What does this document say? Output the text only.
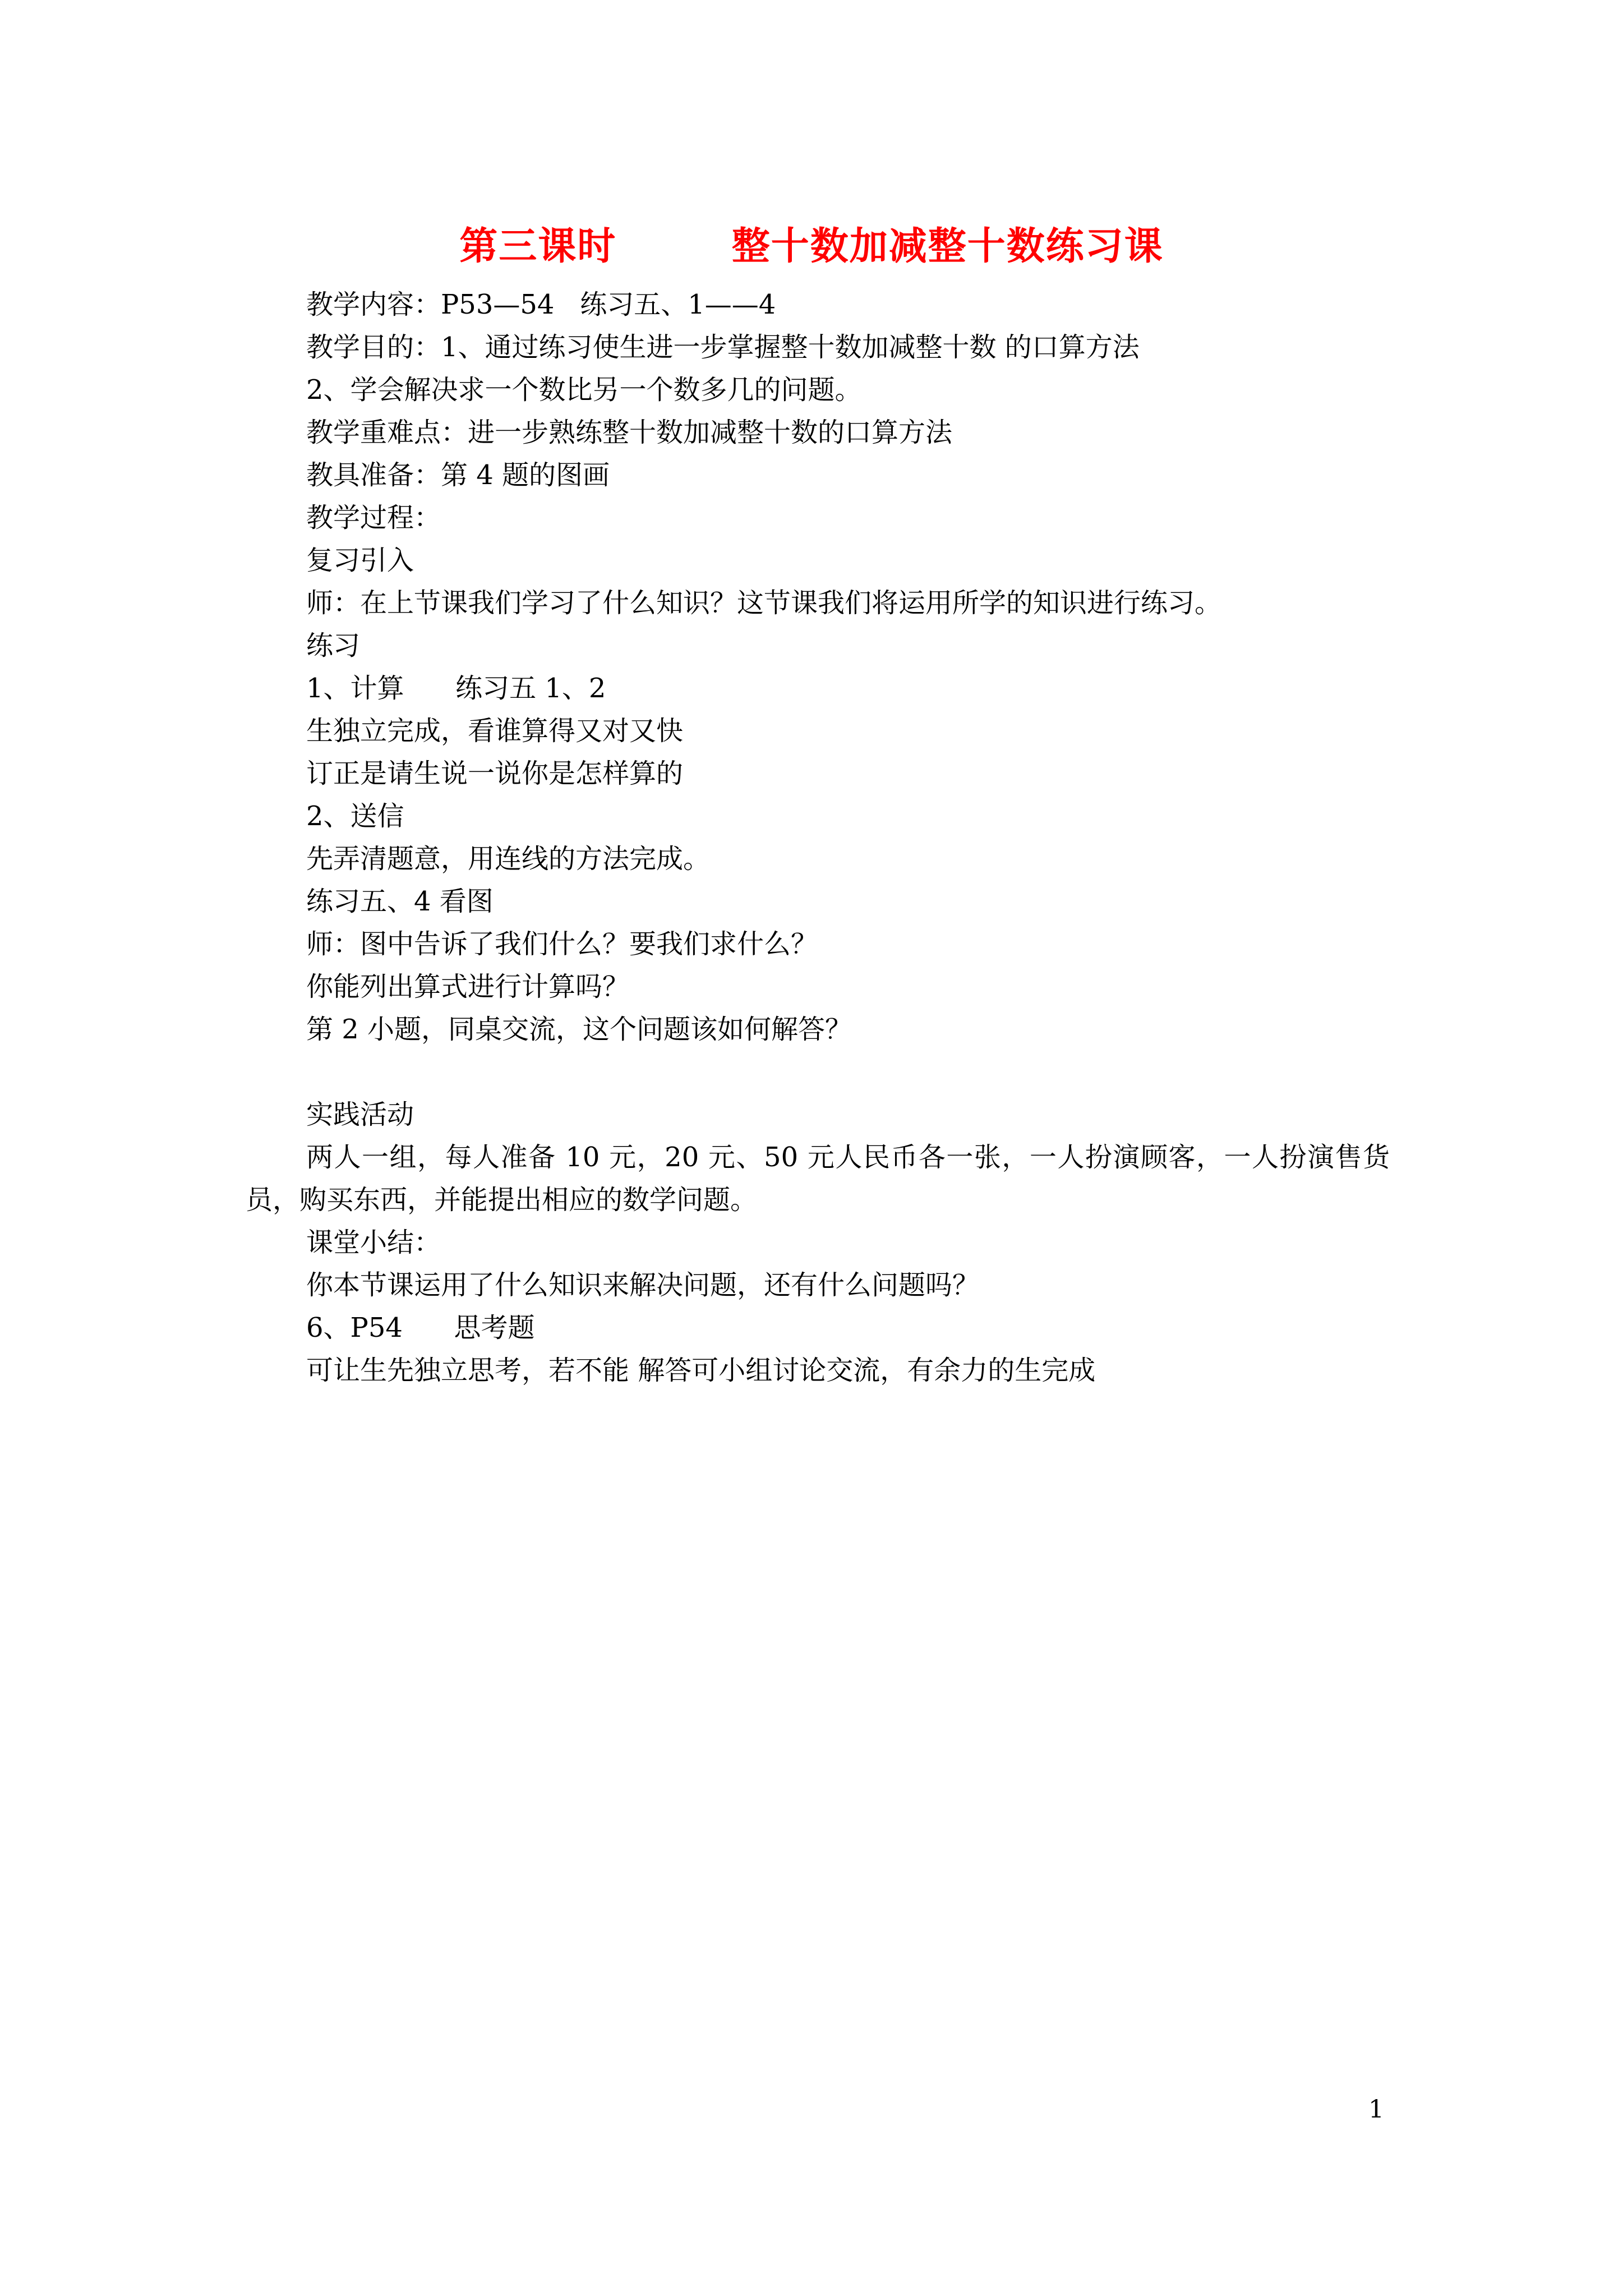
第三课时        整十数加减整十数练习课
教学内容：P53—54   练习五、1——4
教学目的：1、通过练习使生进一步掌握整十数加减整十数 的口算方法
2、学会解决求一个数比另一个数多几的问题。
教学重难点：进一步熟练整十数加减整十数的口算方法
教具准备：第 4 题的图画
教学过程：
复习引入
师：在上节课我们学习了什么知识？这节课我们将运用所学的知识进行练习。
练习
1、计算      练习五 1、2
生独立完成，看谁算得又对又快
订正是请生说一说你是怎样算的
2、送信
先弄清题意，用连线的方法完成。
练习五、4 看图
师：图中告诉了我们什么？要我们求什么？
你能列出算式进行计算吗？
第 2 小题，同桌交流，这个问题该如何解答？
实践活动
两人一组，每人准备 10 元，20 元、50 元人民币各一张，一人扮演顾客，一人扮演售货员，购买东西，并能提出相应的数学问题。
课堂小结：
你本节课运用了什么知识来解决问题，还有什么问题吗？
6、P54      思考题
可让生先独立思考，若不能 解答可小组讨论交流，有余力的生完成
1
